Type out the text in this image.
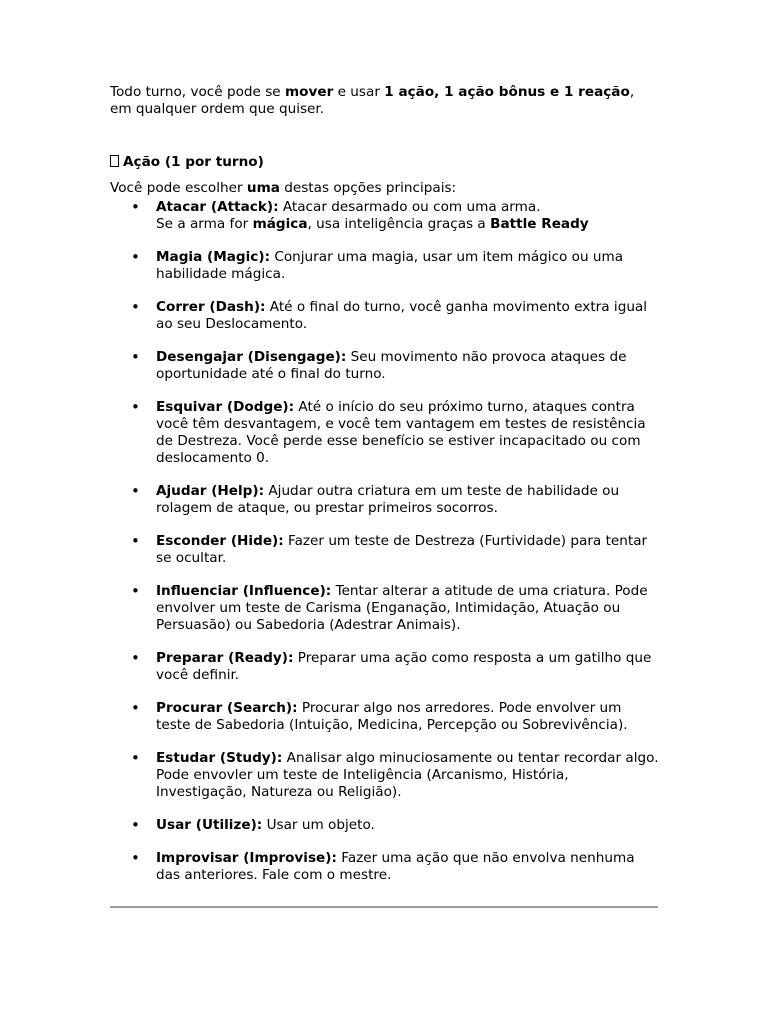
Todo turno, você pode se mover e usar 1 ação, 1 ação bônus e 1 reação, em qualquer ordem que quiser.

Ação (1 por turno)

Você pode escolher uma destas opções principais:

• Atacar (Attack): Atacar desarmado ou com uma arma.
Se a arma for mágica, usa inteligência graças a Battle Ready
• Magia (Magic): Conjurar uma magia, usar um item mágico ou uma habilidade mágica.
• Correr (Dash): Até o final do turno, você ganha movimento extra igual ao seu Deslocamento.
• Desengajar (Disengage): Seu movimento não provoca ataques de oportunidade até o final do turno.
• Esquivar (Dodge): Até o início do seu próximo turno, ataques contra você têm desvantagem, e você tem vantagem em testes de resistência de Destreza. Você perde esse benefício se estiver incapacitado ou com deslocamento 0.
• Ajudar (Help): Ajudar outra criatura em um teste de habilidade ou rolagem de ataque, ou prestar primeiros socorros.
• Esconder (Hide): Fazer um teste de Destreza (Furtividade) para tentar se ocultar.
• Influenciar (Influence): Tentar alterar a atitude de uma criatura. Pode envolver um teste de Carisma (Enganação, Intimidação, Atuação ou Persuasão) ou Sabedoria (Adestrar Animais).
• Preparar (Ready): Preparar uma ação como resposta a um gatilho que você definir.
• Procurar (Search): Procurar algo nos arredores. Pode envolver um teste de Sabedoria (Intuição, Medicina, Percepção ou Sobrevivência).
• Estudar (Study): Analisar algo minuciosamente ou tentar recordar algo. Pode envovler um teste de Inteligência (Arcanismo, História, Investigação, Natureza ou Religião).
• Usar (Utilize): Usar um objeto.
• Improvisar (Improvise): Fazer uma ação que não envolva nenhuma das anteriores. Fale com o mestre.
